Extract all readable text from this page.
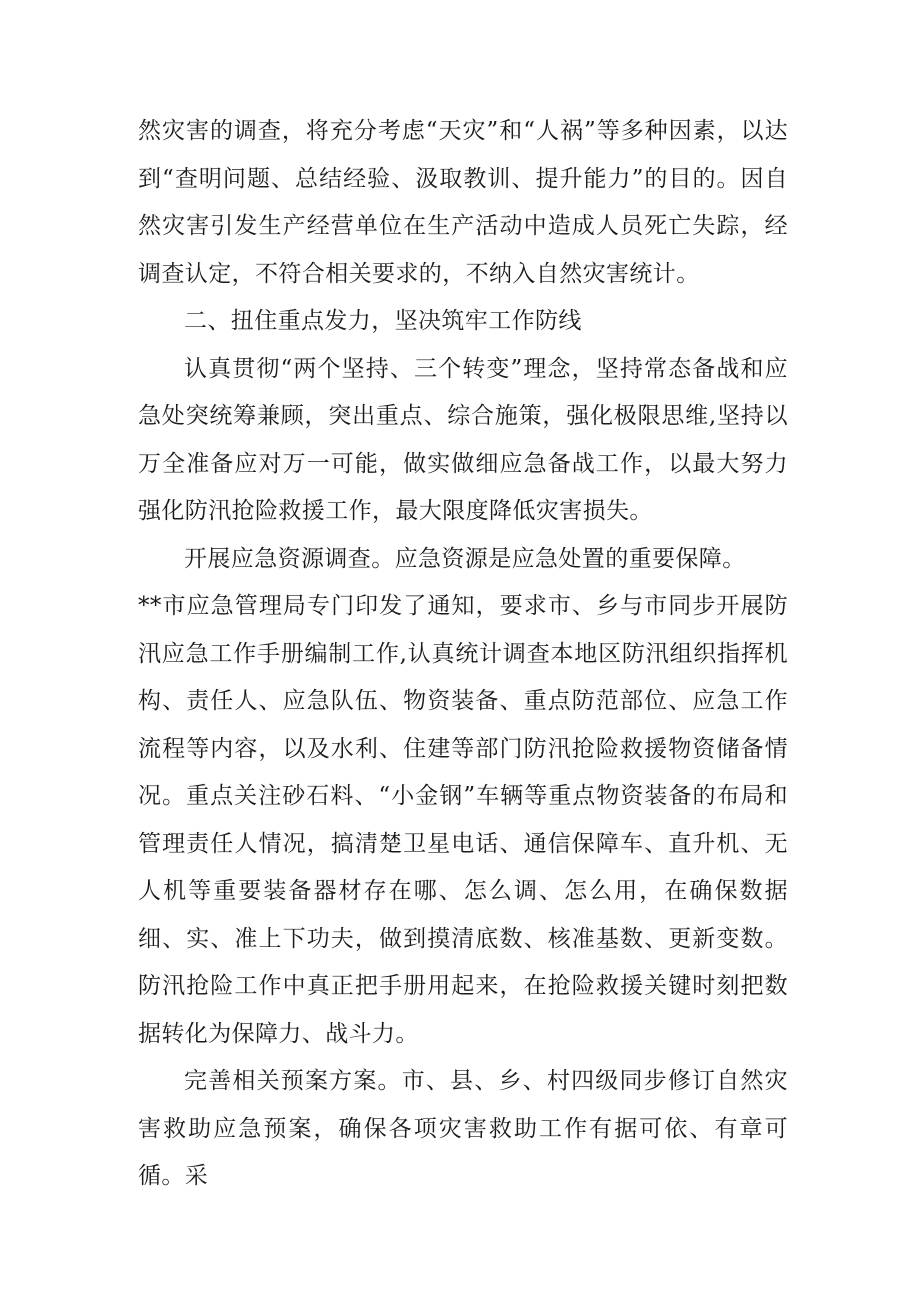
然灾害的调查，将充分考虑“天灾”和“人祸”等多种因素，以达到“查明问题、总结经验、汲取教训、提升能力”的目的。因自然灾害引发生产经营单位在生产活动中造成人员死亡失踪，经调查认定，不符合相关要求的，不纳入自然灾害统计。

二、扭住重点发力，坚决筑牢工作防线

认真贯彻“两个坚持、三个转变”理念，坚持常态备战和应急处突统筹兼顾，突出重点、综合施策，强化极限思维,坚持以万全准备应对万一可能，做实做细应急备战工作，以最大努力强化防汛抢险救援工作，最大限度降低灾害损失。

开展应急资源调查。应急资源是应急处置的重要保障。

**市应急管理局专门印发了通知，要求市、乡与市同步开展防汛应急工作手册编制工作,认真统计调查本地区防汛组织指挥机构、责任人、应急队伍、物资装备、重点防范部位、应急工作流程等内容，以及水利、住建等部门防汛抢险救援物资储备情况。重点关注砂石料、“小金钢”车辆等重点物资装备的布局和管理责任人情况，搞清楚卫星电话、通信保障车、直升机、无人机等重要装备器材存在哪、怎么调、怎么用，在确保数据细、实、准上下功夫，做到摸清底数、核准基数、更新变数。防汛抢险工作中真正把手册用起来，在抢险救援关键时刻把数据转化为保障力、战斗力。

完善相关预案方案。市、县、乡、村四级同步修订自然灾害救助应急预案，确保各项灾害救助工作有据可依、有章可循。采
